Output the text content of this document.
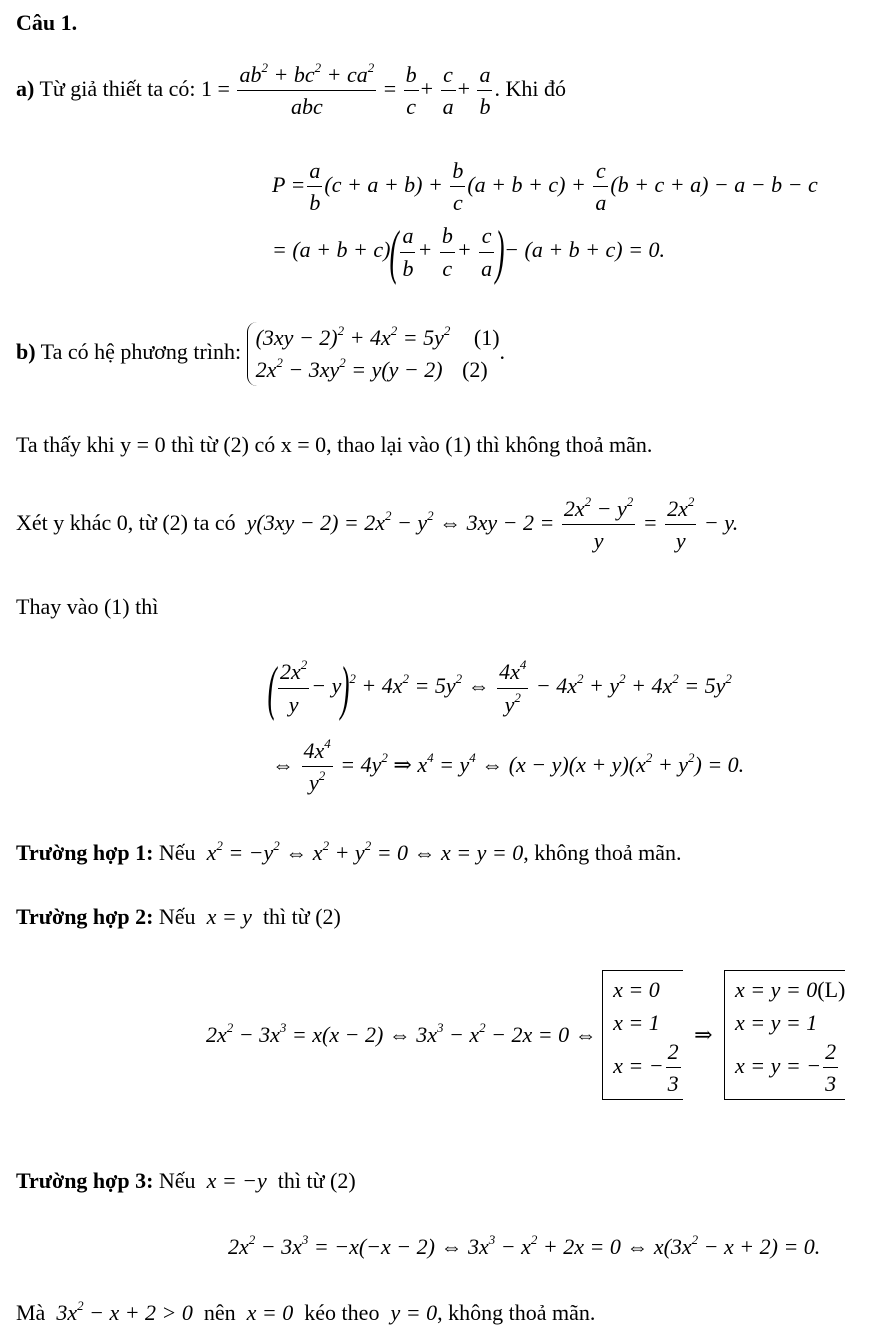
Câu 1.
a) Từ giả thiết ta có: $1 = \frac{ab^2 + bc^2 + ca^2}{\text{abc}} = \frac{b}{c} + \frac{c}{a} + \frac{a}{b}$ . Khi đó
$P = \frac{a}{b} (c + a + b) + \frac{b}{c} (a + b + c) + \frac{c}{a} (b + c + a) - a - b - c$
= $(a + b + c)( \frac{a}{b} + \frac{b}{c} + \frac{c}{a}$ )− (a + b + c) = 0.
b) Ta có hệ phương trình:
$(3xy - 2)^2 + 4x^2 = 5y^2$ (1)
$2x^2 - 3xy^2 = y(y - 2)$ (2)
.
Ta thấy khi y = 0 thì từ (2) có x = 0, thao lại vào (1) thì không thoả mãn.
Xét y khác 0, từ (2) ta có  $y(3xy - 2) = 2x^2 - y^2$ ⇔ $3xy - 2 = \frac{2x^2 - y^2}{y} = \frac{2x^2}{y} - y$.
Thay vào (1) thì
( $\frac{2x^2}{y} - y)^2 + 4x^2 = 5y^2$ ⇔ $\frac{4x^4}{y^2} - 4x^2 + y^2 + 4x^2 = 5y^2$
⇔ $\frac{4x^4}{y^2} = 4y^2$ ⇒ $x^4 = y^4$ ⇔ $(x - y)(x + y)(x^2 + y^2) = 0$.
Trường hợp 1: Nếu  $x^2 = -y^2$ ⇔ $x^2 + y^2 = 0$ ⇔ x = y = 0, không thoả mãn.
Trường hợp 2: Nếu  x = y  thì từ (2)
$2x^2 - 3x^3 = x(x - 2)$ ⇔ $3x^3 - x^2 - 2x = 0$ ⇔
x = 0
x = 1
x = − $\frac{2}{3}$
⇒
x = y = 0(L)
x = y = 1
x = y = − $\frac{2}{3}$
Trường hợp 3: Nếu  x = −y  thì từ (2)
$2x^2 - 3x^3 = -x(-x - 2)$ ⇔ $3x^3 - x^2 + 2x = 0$ ⇔ $x(3x^2 - x + 2) = 0$.
Mà  $3x^2 - x + 2 > 0$  nên  x = 0  kéo theo  y = 0, không thoả mãn.
